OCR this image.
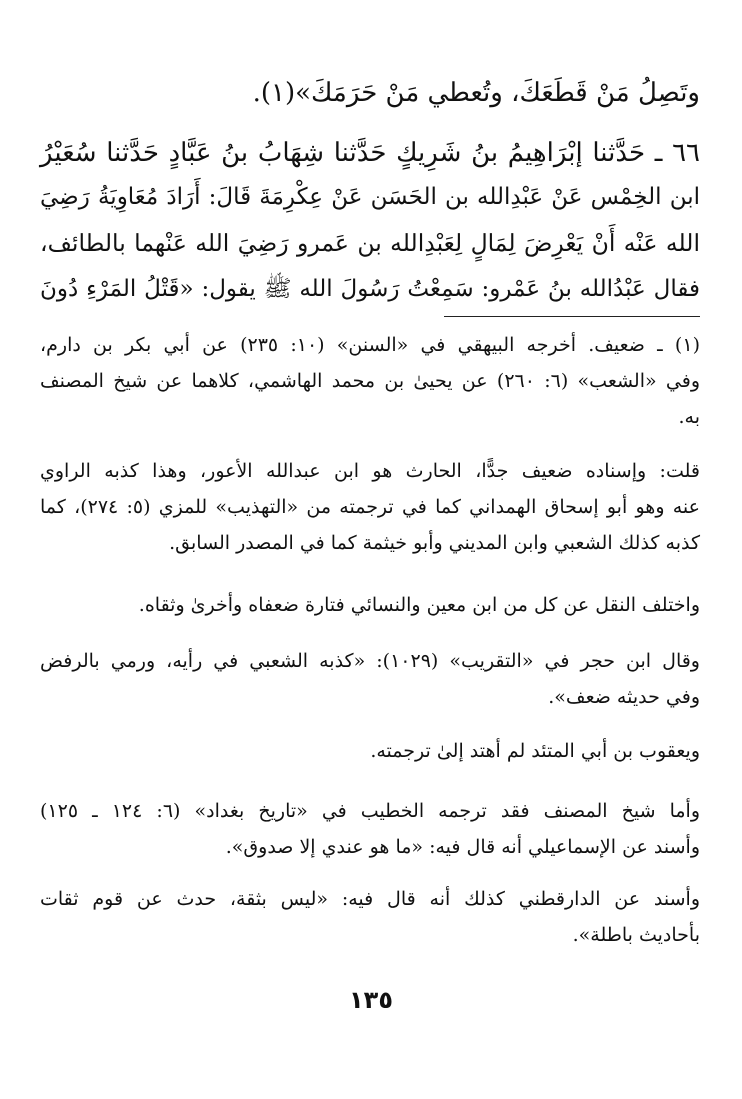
وتَصِلُ مَنْ قَطَعَكَ، وتُعطي مَنْ حَرَمَكَ»(١).
٦٦ ـ حَدَّثنا إبْرَاهِيمُ بنُ شَرِيكٍ حَدَّثنا شِهَابُ بنُ عَبَّادٍ حَدَّثنا سُعَيْرُ
ابن الخِمْس عَنْ عَبْدِالله بن الحَسَن عَنْ عِكْرِمَةَ قَالَ: أَرَادَ مُعَاوِيَةُ رَضِيَ
الله عَنْه أَنْ يَعْرِضَ لِمَالٍ لِعَبْدِالله بن عَمرو رَضِيَ الله عَنْهما بالطائف،
فقال عَبْدُالله بنُ عَمْرو: سَمِعْتُ رَسُولَ الله ﷺ يقول: «قَتْلُ المَرْءِ دُونَ
(١) ـ ضعيف. أخرجه البيهقي في «السنن» (١٠: ٢٣٥) عن أبي بكر بن دارم،
وفي «الشعب» (٦: ٢٦٠) عن يحيىٰ بن محمد الهاشمي، كلاهما عن شيخ المصنف
به.
قلت: وإسناده ضعيف جدًّا، الحارث هو ابن عبدالله الأعور، وهذا كذبه الراوي
عنه وهو أبو إسحاق الهمداني كما في ترجمته من «التهذيب» للمزي (٥: ٢٧٤)، كما
كذبه كذلك الشعبي وابن المديني وأبو خيثمة كما في المصدر السابق.
واختلف النقل عن كل من ابن معين والنسائي فتارة ضعفاه وأخرىٰ وثقاه.
وقال ابن حجر في «التقريب» (١٠٢٩): «كذبه الشعبي في رأيه، ورمي بالرفض
وفي حديثه ضعف».
ويعقوب بن أبي المتئد لم أهتد إلىٰ ترجمته.
وأما شيخ المصنف فقد ترجمه الخطيب في «تاريخ بغداد» (٦: ١٢٤ ـ ١٢٥)
وأسند عن الإسماعيلي أنه قال فيه: «ما هو عندي إلا صدوق».
وأسند عن الدارقطني كذلك أنه قال فيه: «ليس بثقة، حدث عن قوم ثقات
بأحاديث باطلة».
١٣٥
